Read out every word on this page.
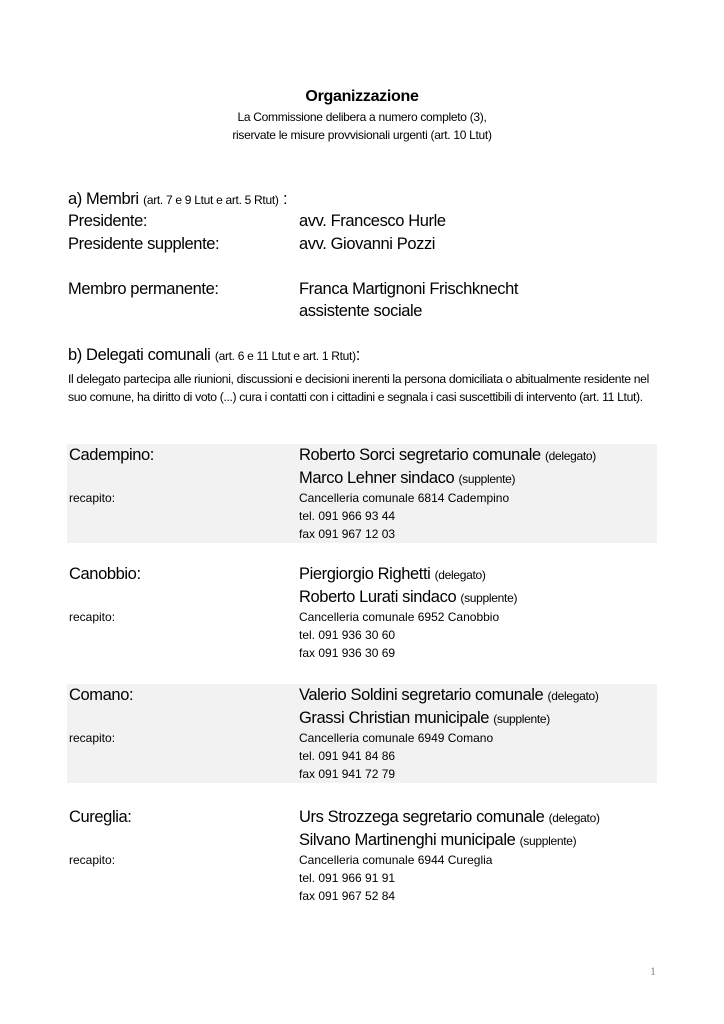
Organizzazione
La Commissione delibera a numero completo (3),
riservate le misure provvisionali urgenti (art. 10 Ltut)
a) Membri (art. 7 e 9 Ltut e art. 5 Rtut) :
Presidente:	avv. Francesco Hurle
Presidente supplente:	avv. Giovanni Pozzi
Membro permanente:	Franca Martignoni Frischknecht
assistente sociale
b) Delegati comunali (art. 6 e 11 Ltut e art. 1 Rtut):
Il delegato partecipa alle riunioni, discussioni e decisioni inerenti la persona domiciliata o abitualmente residente nel suo comune, ha diritto di voto (...) cura i contatti con i cittadini e segnala i casi suscettibili di intervento (art. 11 Ltut).
Cadempino:	Roberto Sorci segretario comunale (delegato)
Marco Lehner sindaco (supplente)
recapito:	Cancelleria comunale 6814 Cadempino
tel. 091 966 93 44
fax 091 967 12 03
Canobbio:	Piergiorgio Righetti (delegato)
Roberto Lurati sindaco (supplente)
recapito:	Cancelleria comunale 6952 Canobbio
tel. 091 936 30 60
fax 091 936 30 69
Comano:	Valerio Soldini segretario comunale (delegato)
Grassi Christian municipale (supplente)
recapito:	Cancelleria comunale 6949 Comano
tel. 091 941 84 86
fax 091 941 72 79
Cureglia:	Urs Strozzega segretario comunale (delegato)
Silvano Martinenghi municipale (supplente)
recapito:	Cancelleria comunale 6944 Cureglia
tel. 091 966 91 91
fax 091 967 52 84
1
